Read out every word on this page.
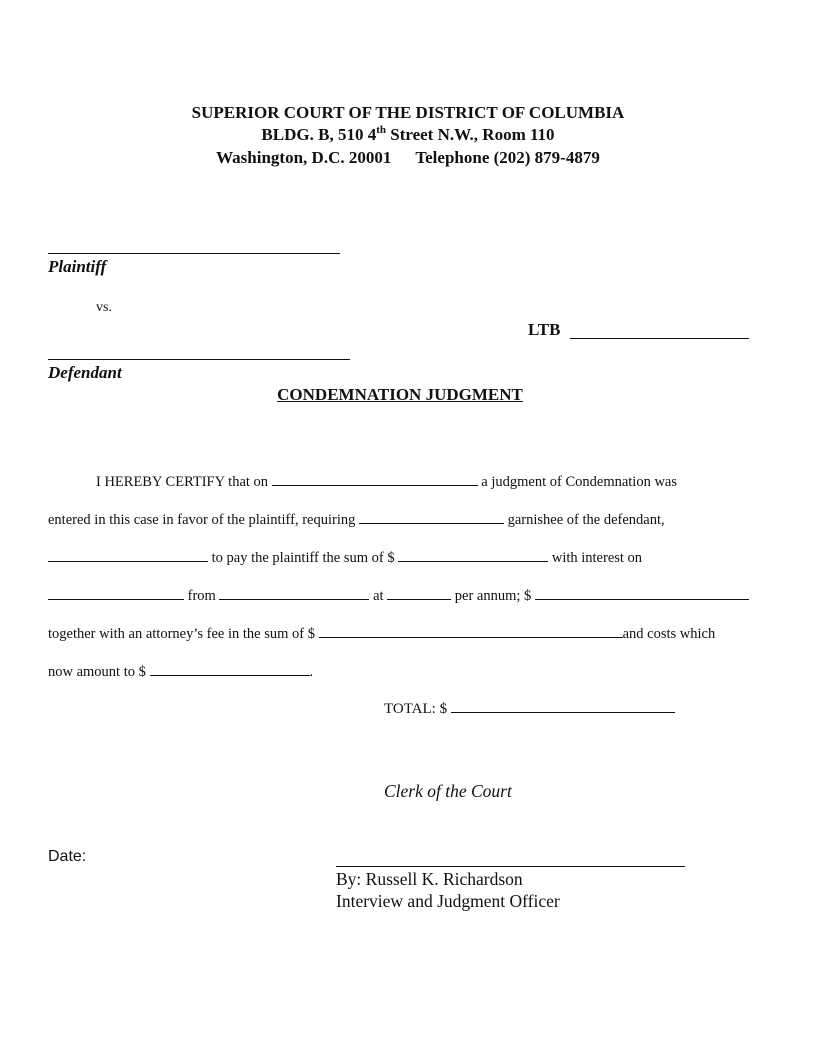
SUPERIOR COURT OF THE DISTRICT OF COLUMBIA
BLDG. B, 510 4th Street N.W., Room 110
Washington, D.C. 20001 Telephone (202) 879-4879
Plaintiff
vs.
LTB
Defendant
CONDEMNATION JUDGMENT
I HEREBY CERTIFY that on	a judgment of Condemnation was
entered in this case in favor of the plaintiff, requiring	garnishee of the defendant,
to pay the plaintiff the sum of $	with interest on
from	at	per annum; $
together with an attorney’s fee in the sum of $	and costs which
now amount to $	.
TOTAL: $
Clerk of the Court
Date:
By: Russell K. Richardson
Interview and Judgment Officer
